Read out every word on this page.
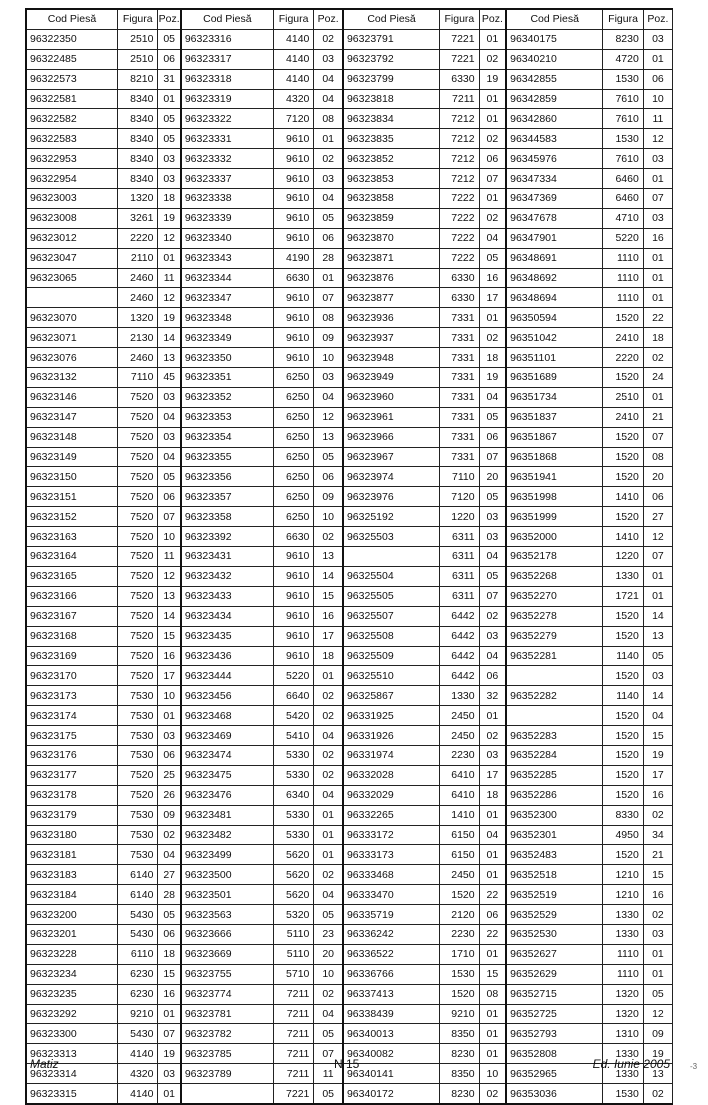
Cod Piesă	Figura	Poz.	Cod Piesă	Figura	Poz.	Cod Piesă	Figura	Poz.	Cod Piesă	Figura	Poz.
96322350	2510	05	96323316	4140	02	96323791	7221	01	96340175	8230	03
96322485	2510	06	96323317	4140	03	96323792	7221	02	96340210	4720	01
96322573	8210	31	96323318	4140	04	96323799	6330	19	96342855	1530	06
96322581	8340	01	96323319	4320	04	96323818	7211	01	96342859	7610	10
96322582	8340	05	96323322	7120	08	96323834	7212	01	96342860	7610	11
96322583	8340	05	96323331	9610	01	96323835	7212	02	96344583	1530	12
96322953	8340	03	96323332	9610	02	96323852	7212	06	96345976	7610	03
96322954	8340	03	96323337	9610	03	96323853	7212	07	96347334	6460	01
96323003	1320	18	96323338	9610	04	96323858	7222	01	96347369	6460	07
96323008	3261	19	96323339	9610	05	96323859	7222	02	96347678	4710	03
96323012	2220	12	96323340	9610	06	96323870	7222	04	96347901	5220	16
96323047	2110	01	96323343	4190	28	96323871	7222	05	96348691	1110	01
96323065	2460	11	96323344	6630	01	96323876	6330	16	96348692	1110	01
	2460	12	96323347	9610	07	96323877	6330	17	96348694	1110	01
96323070	1320	19	96323348	9610	08	96323936	7331	01	96350594	1520	22
96323071	2130	14	96323349	9610	09	96323937	7331	02	96351042	2410	18
96323076	2460	13	96323350	9610	10	96323948	7331	18	96351101	2220	02
96323132	7110	45	96323351	6250	03	96323949	7331	19	96351689	1520	24
96323146	7520	03	96323352	6250	04	96323960	7331	04	96351734	2510	01
96323147	7520	04	96323353	6250	12	96323961	7331	05	96351837	2410	21
96323148	7520	03	96323354	6250	13	96323966	7331	06	96351867	1520	07
96323149	7520	04	96323355	6250	05	96323967	7331	07	96351868	1520	08
96323150	7520	05	96323356	6250	06	96323974	7110	20	96351941	1520	20
96323151	7520	06	96323357	6250	09	96323976	7120	05	96351998	1410	06
96323152	7520	07	96323358	6250	10	96325192	1220	03	96351999	1520	27
96323163	7520	10	96323392	6630	02	96325503	6311	03	96352000	1410	12
96323164	7520	11	96323431	9610	13		6311	04	96352178	1220	07
96323165	7520	12	96323432	9610	14	96325504	6311	05	96352268	1330	01
96323166	7520	13	96323433	9610	15	96325505	6311	07	96352270	1721	01
96323167	7520	14	96323434	9610	16	96325507	6442	02	96352278	1520	14
96323168	7520	15	96323435	9610	17	96325508	6442	03	96352279	1520	13
96323169	7520	16	96323436	9610	18	96325509	6442	04	96352281	1140	05
96323170	7520	17	96323444	5220	01	96325510	6442	06		1520	03
96323173	7530	10	96323456	6640	02	96325867	1330	32	96352282	1140	14
96323174	7530	01	96323468	5420	02	96331925	2450	01		1520	04
96323175	7530	03	96323469	5410	04	96331926	2450	02	96352283	1520	15
96323176	7530	06	96323474	5330	02	96331974	2230	03	96352284	1520	19
96323177	7520	25	96323475	5330	02	96332028	6410	17	96352285	1520	17
96323178	7520	26	96323476	6340	04	96332029	6410	18	96352286	1520	16
96323179	7530	09	96323481	5330	01	96332265	1410	01	96352300	8330	02
96323180	7530	02	96323482	5330	01	96333172	6150	04	96352301	4950	34
96323181	7530	04	96323499	5620	01	96333173	6150	01	96352483	1520	21
96323183	6140	27	96323500	5620	02	96333468	2450	01	96352518	1210	15
96323184	6140	28	96323501	5620	04	96333470	1520	22	96352519	1210	16
96323200	5430	05	96323563	5320	05	96335719	2120	06	96352529	1330	02
96323201	5430	06	96323666	5110	23	96336242	2230	22	96352530	1330	03
96323228	6110	18	96323669	5110	20	96336522	1710	01	96352627	1110	01
96323234	6230	15	96323755	5710	10	96336766	1530	15	96352629	1110	01
96323235	6230	16	96323774	7211	02	96337413	1520	08	96352715	1320	05
96323292	9210	01	96323781	7211	04	96338439	9210	01	96352725	1320	12
96323300	5430	07	96323782	7211	05	96340013	8350	01	96352793	1310	09
96323313	4140	19	96323785	7211	07	96340082	8230	01	96352808	1330	19
96323314	4320	03	96323789	7211	11	96340141	8350	10	96352965	1330	13
96323315	4140	01		7221	05	96340172	8230	02	96353036	1530	02
Matiz	N 15	Ed. Iunie 2005	-3
